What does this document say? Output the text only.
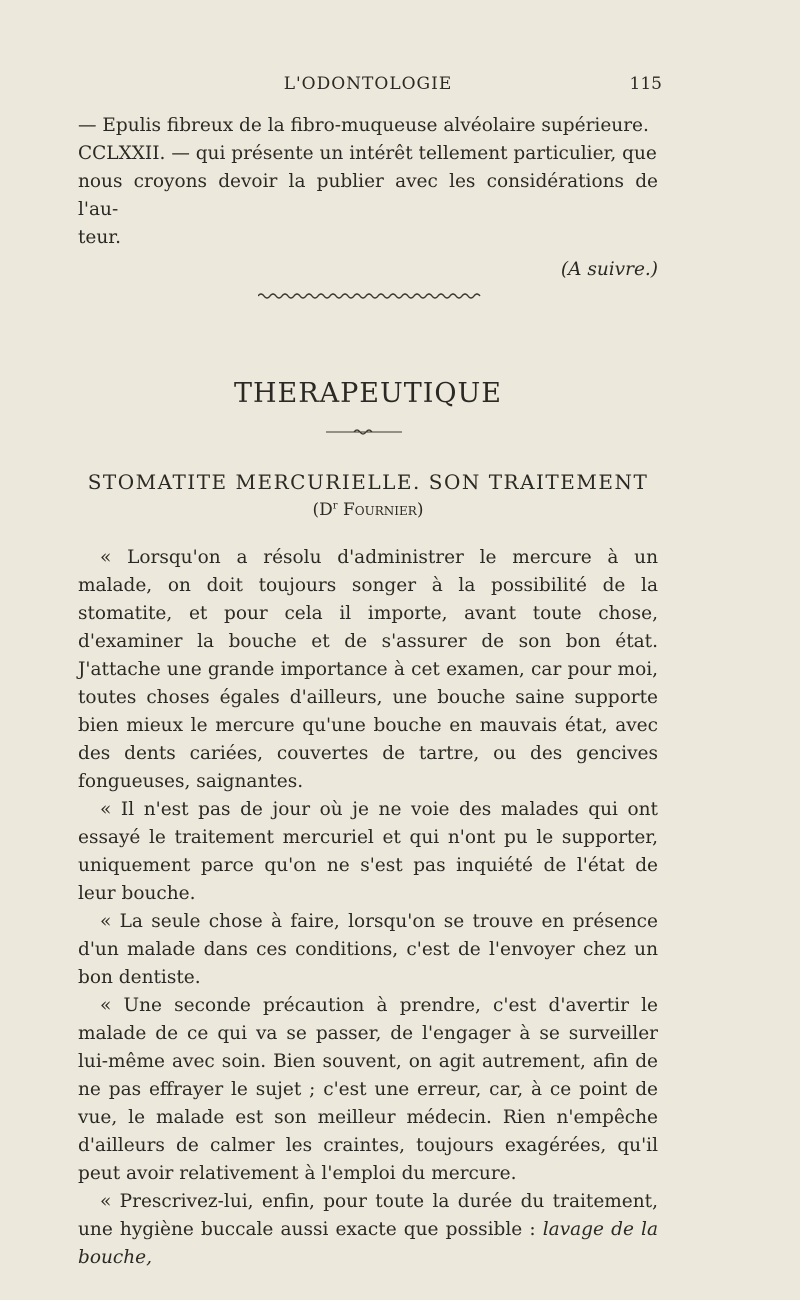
L'ODONTOLOGIE	115
— Epulis fibreux de la fibro-muqueuse alvéolaire supérieure.
CCLXXII. — qui présente un intérêt tellement particulier, que
nous croyons devoir la publier avec les considérations de l'au-
teur.
(A suivre.)
THERAPEUTIQUE
STOMATITE MERCURIELLE. SON TRAITEMENT
($D^r$ Fournier)

« Lorsqu'on a résolu d'administrer le mercure à un malade, on doit toujours songer à la possibilité de la stomatite, et pour cela il importe, avant toute chose, d'examiner la bouche et de s'assurer de son bon état. J'attache une grande importance à cet examen, car pour moi, toutes choses égales d'ailleurs, une bouche saine supporte bien mieux le mercure qu'une bouche en mauvais état, avec des dents cariées, couvertes de tartre, ou des gencives fongueuses, saignantes.

« Il n'est pas de jour où je ne voie des malades qui ont essayé le traitement mercuriel et qui n'ont pu le supporter, uniquement parce qu'on ne s'est pas inquiété de l'état de leur bouche.

« La seule chose à faire, lorsqu'on se trouve en présence d'un malade dans ces conditions, c'est de l'envoyer chez un bon dentiste.

« Une seconde précaution à prendre, c'est d'avertir le malade de ce qui va se passer, de l'engager à se surveiller lui-même avec soin. Bien souvent, on agit autrement, afin de ne pas effrayer le sujet ; c'est une erreur, car, à ce point de vue, le malade est son meilleur médecin. Rien n'empêche d'ailleurs de calmer les craintes, toujours exagérées, qu'il peut avoir relativement à l'emploi du mercure.

« Prescrivez-lui, enfin, pour toute la durée du traitement, une hygiène buccale aussi exacte que possible : lavage de la bouche,
